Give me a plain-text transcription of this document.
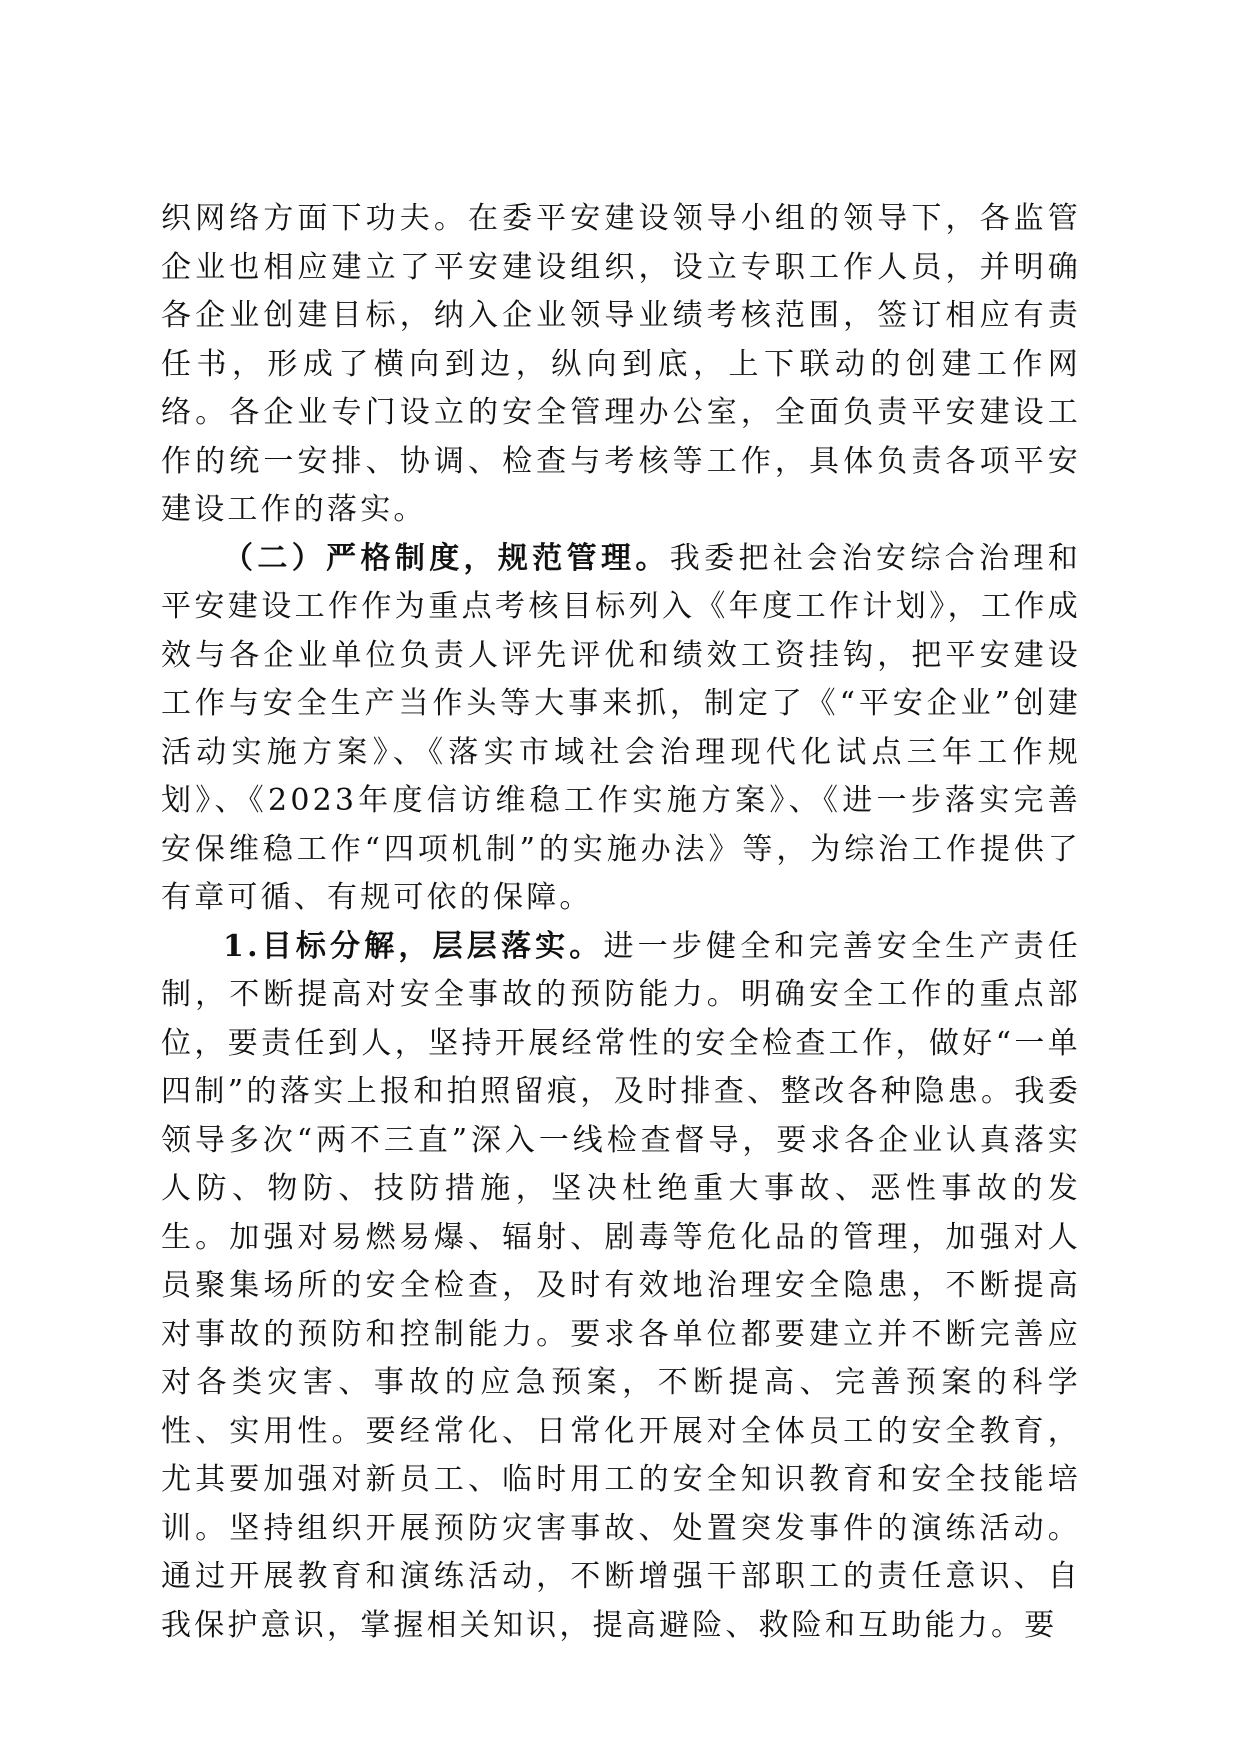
织网络方面下功夫。在委平安建设领导小组的领导下，各监管企业也相应建立了平安建设组织，设立专职工作人员，并明确各企业创建目标，纳入企业领导业绩考核范围，签订相应有责任书，形成了横向到边，纵向到底，上下联动的创建工作网络。各企业专门设立的安全管理办公室，全面负责平安建设工作的统一安排、协调、检查与考核等工作，具体负责各项平安建设工作的落实。

（二）严格制度，规范管理。我委把社会治安综合治理和平安建设工作作为重点考核目标列入《年度工作计划》，工作成效与各企业单位负责人评先评优和绩效工资挂钩，把平安建设工作与安全生产当作头等大事来抓，制定了《“平安企业”创建活动实施方案》、《落实市域社会治理现代化试点三年工作规划》、《2023年度信访维稳工作实施方案》、《进一步落实完善安保维稳工作“四项机制”的实施办法》等，为综治工作提供了有章可循、有规可依的保障。

1.目标分解，层层落实。进一步健全和完善安全生产责任制，不断提高对安全事故的预防能力。明确安全工作的重点部位，要责任到人，坚持开展经常性的安全检查工作，做好“一单四制”的落实上报和拍照留痕，及时排查、整改各种隐患。我委领导多次“两不三直”深入一线检查督导，要求各企业认真落实人防、物防、技防措施，坚决杜绝重大事故、恶性事故的发生。加强对易燃易爆、辐射、剧毒等危化品的管理，加强对人员聚集场所的安全检查，及时有效地治理安全隐患，不断提高对事故的预防和控制能力。要求各单位都要建立并不断完善应对各类灾害、事故的应急预案，不断提高、完善预案的科学性、实用性。要经常化、日常化开展对全体员工的安全教育，尤其要加强对新员工、临时用工的安全知识教育和安全技能培训。坚持组织开展预防灾害事故、处置突发事件的演练活动。通过开展教育和演练活动，不断增强干部职工的责任意识、自我保护意识，掌握相关知识，提高避险、救险和互助能力。要
